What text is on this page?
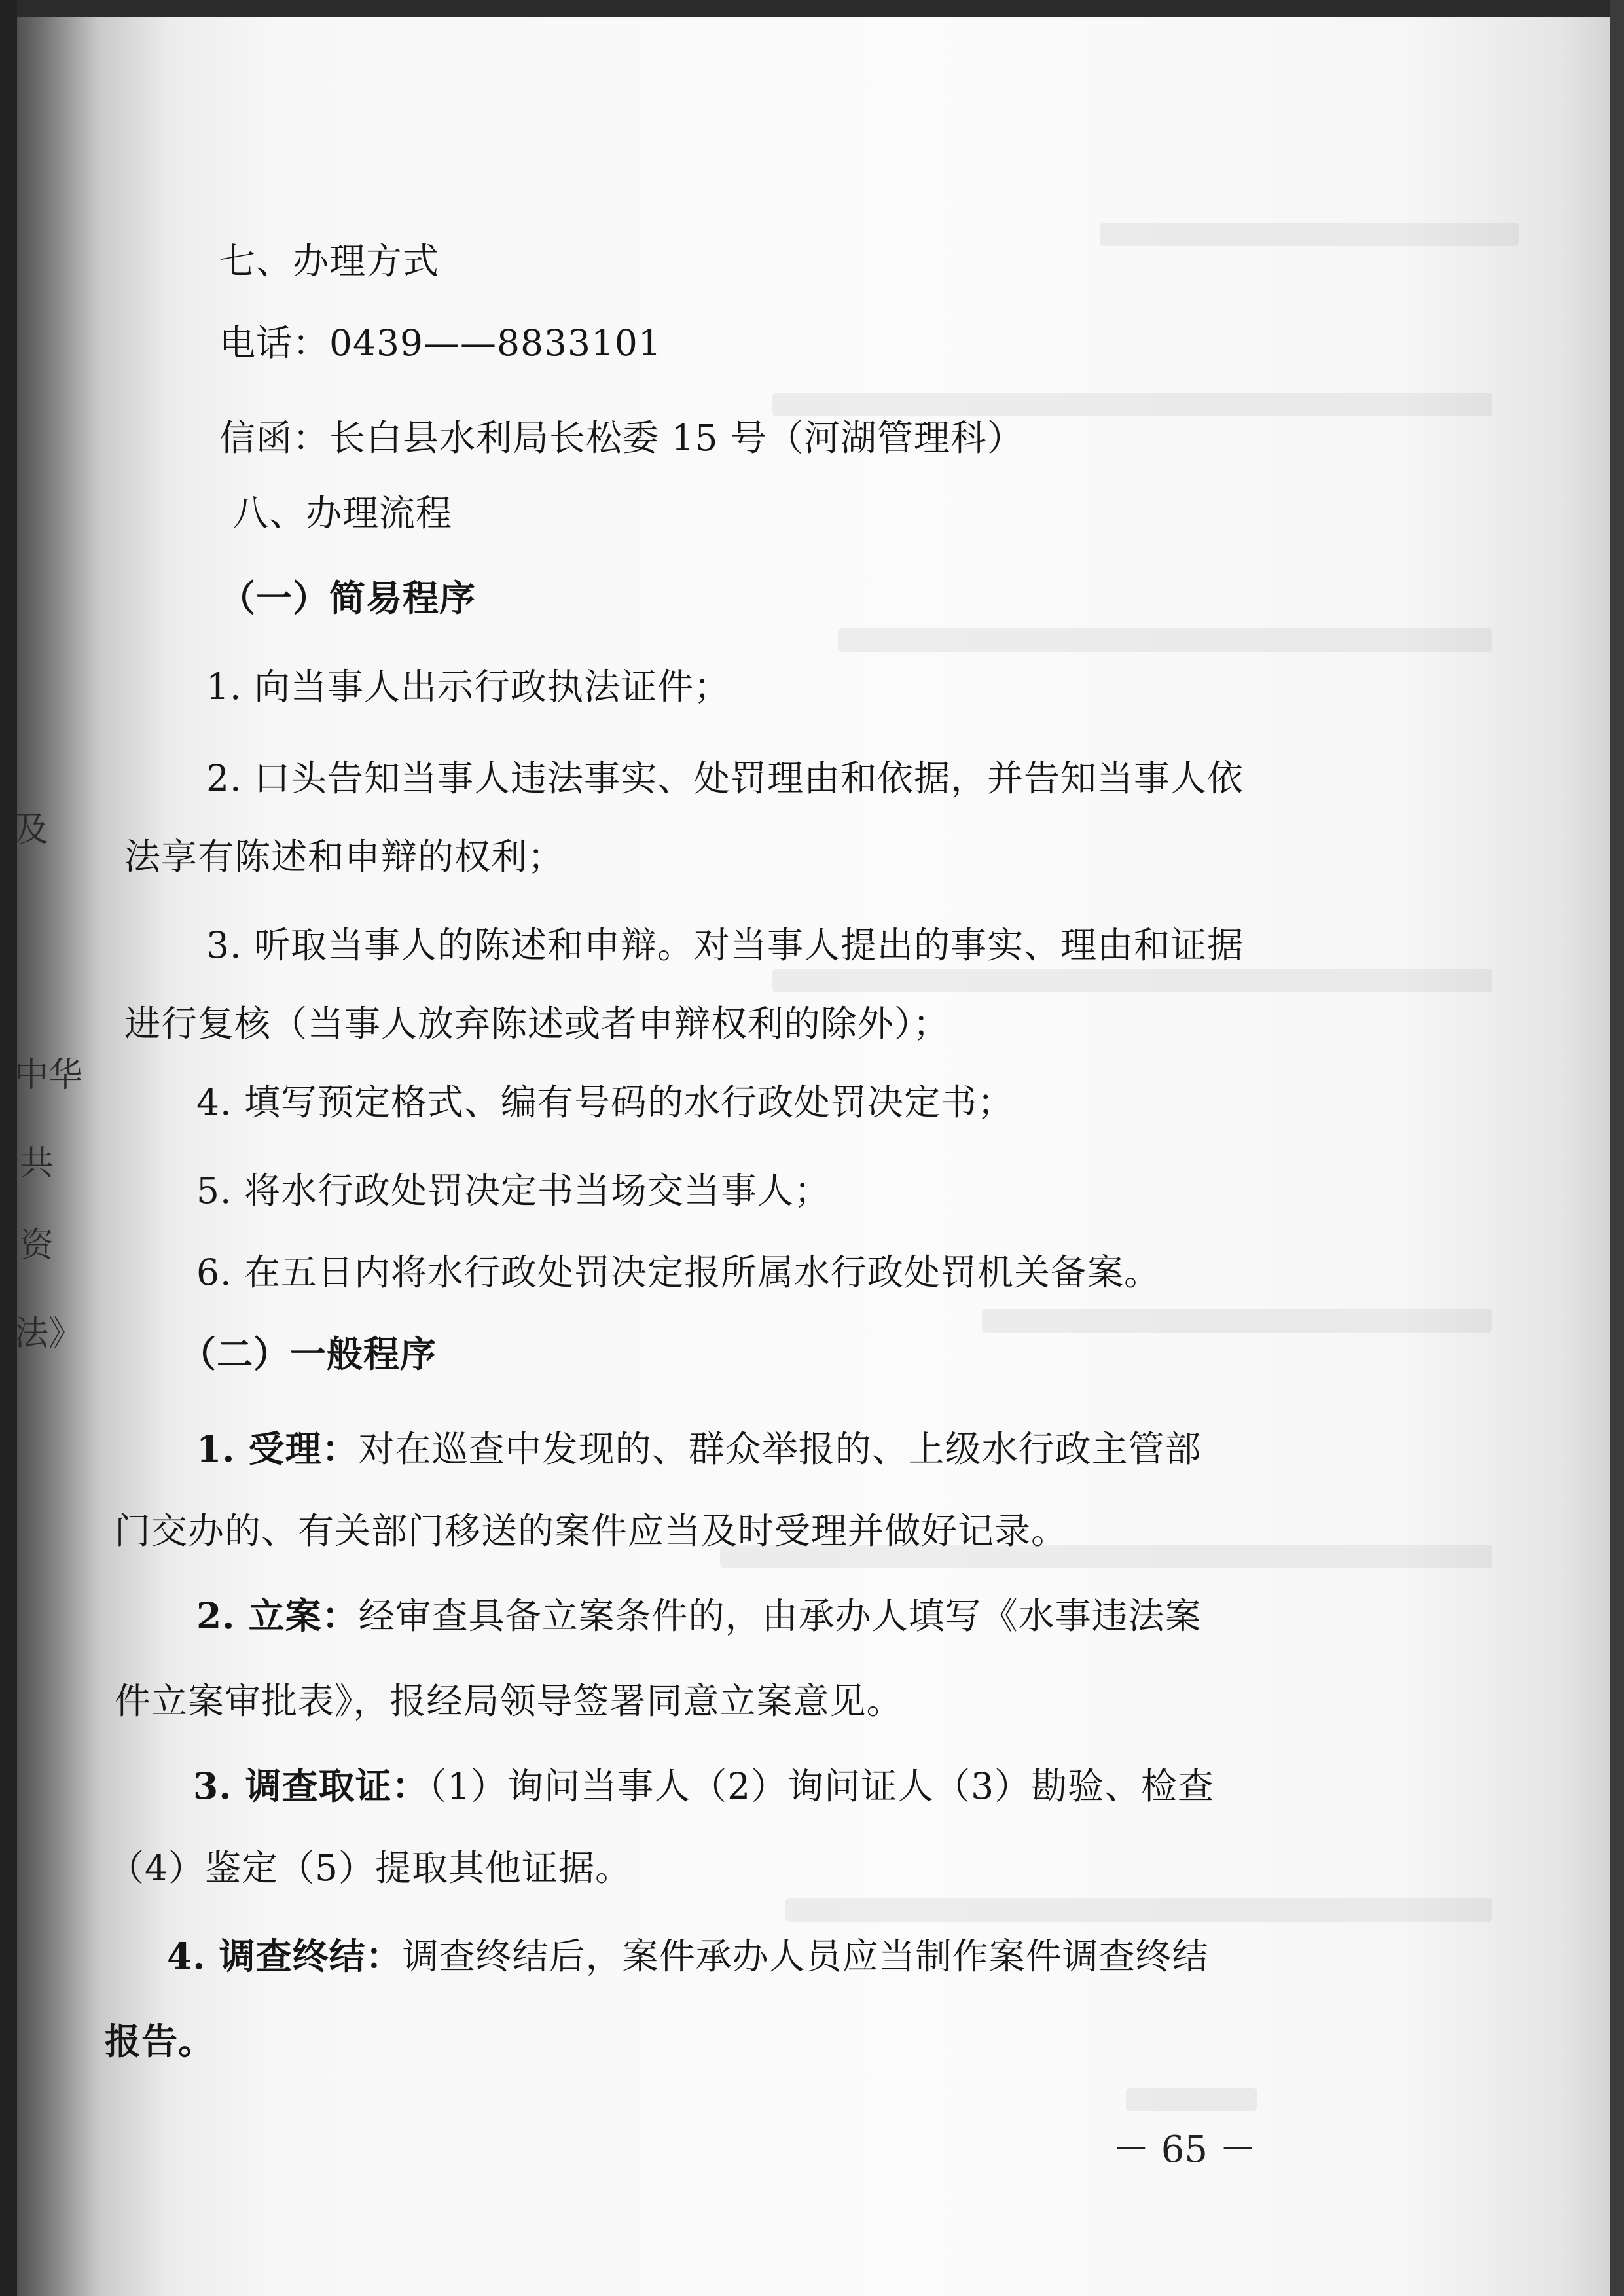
及
中华
共
资
法》
七、办理方式
电话：0439——8833101
信函：长白县水利局长松委 15 号（河湖管理科）
八、办理流程
（一）简易程序
1. 向当事人出示行政执法证件；
2. 口头告知当事人违法事实、处罚理由和依据，并告知当事人依
法享有陈述和申辩的权利；
3. 听取当事人的陈述和申辩。对当事人提出的事实、理由和证据
进行复核（当事人放弃陈述或者申辩权利的除外）；
4. 填写预定格式、编有号码的水行政处罚决定书；
5. 将水行政处罚决定书当场交当事人；
6. 在五日内将水行政处罚决定报所属水行政处罚机关备案。
（二）一般程序
1. 受理：对在巡查中发现的、群众举报的、上级水行政主管部
门交办的、有关部门移送的案件应当及时受理并做好记录。
2. 立案：经审查具备立案条件的，由承办人填写《水事违法案
件立案审批表》，报经局领导签署同意立案意见。
3. 调查取证：（1）询问当事人（2）询问证人（3）勘验、检查
（4）鉴定（5）提取其他证据。
4. 调查终结：调查终结后，案件承办人员应当制作案件调查终结
报告。
－ 65 －
